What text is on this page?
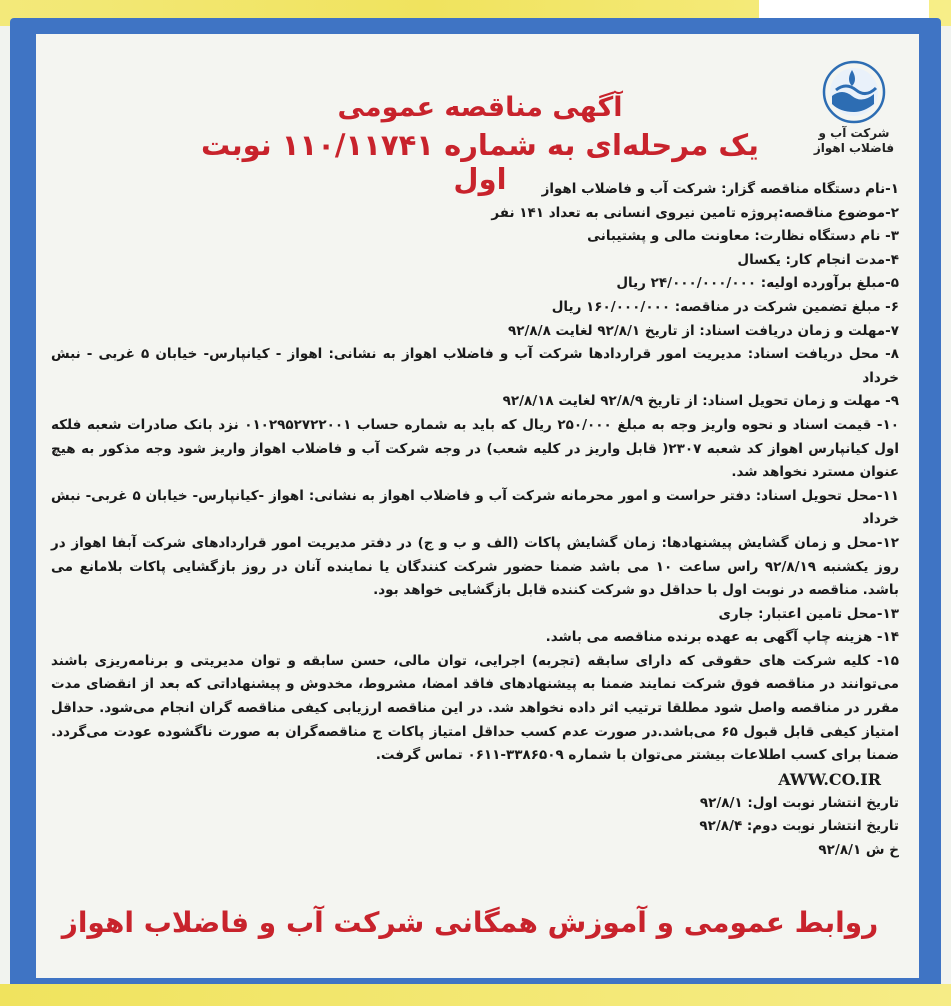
شرکت آب و فاضلاب اهواز
آگهی مناقصه عمومی
یک مرحله‌ای به شماره ۱۱۰/۱۱۷۴۱ نوبت اول	۱-نام دستگاه مناقصه گزار: شرکت آب و فاضلاب اهواز

۲-موضوع مناقصه:پروژه تامین نیروی انسانی به تعداد ۱۴۱ نفر

۳- نام دستگاه نظارت: معاونت مالی و پشتیبانی

۴-مدت انجام کار: یکسال

۵-مبلغ برآورده اولیه: ۲۴/۰۰۰/۰۰۰/۰۰۰ ریال

۶- مبلغ تضمین شرکت در مناقصه: ۱۶۰/۰۰۰/۰۰۰ ریال

۷-مهلت و زمان دریافت اسناد: از تاریخ ۹۲/۸/۱ لغایت ۹۲/۸/۸

۸- محل دریافت اسناد: مدیریت امور قراردادها شرکت آب و فاضلاب اهواز به نشانی: اهواز - کیانپارس- خیابان ۵ غربی - نبش خرداد

۹- مهلت و زمان تحویل اسناد: از تاریخ ۹۲/۸/۹ لغایت ۹۲/۸/۱۸

۱۰- قیمت اسناد و نحوه واریز وجه به مبلغ ۲۵۰/۰۰۰ ریال که باید به شماره حساب ۰۱۰۲۹۵۲۷۲۲۰۰۱ نزد بانک صادرات شعبه فلکه اول کیانپارس اهواز کد شعبه ۲۳۰۷( قابل واریز در کلیه شعب) در وجه شرکت آب و فاضلاب اهواز واریز شود وجه مذکور به هیچ عنوان مسترد نخواهد شد.

۱۱-محل تحویل اسناد: دفتر حراست و امور محرمانه شرکت آب و فاضلاب اهواز به نشانی: اهواز -کیانپارس- خیابان ۵ غربی- نبش خرداد

۱۲-محل و زمان گشایش پیشنهادها: زمان گشایش پاکات (الف و ب و ج) در دفتر مدیریت امور قراردادهای شرکت آبفا اهواز در روز یکشنبه ۹۲/۸/۱۹ راس ساعت ۱۰ می باشد ضمنا حضور شرکت کنندگان یا نماینده آنان در روز بازگشایی پاکات بلامانع می باشد. مناقصه در نوبت اول با حداقل دو شرکت کننده قابل بازگشایی خواهد بود.

۱۳-محل تامین اعتبار: جاری

۱۴- هزینه چاپ آگهی به عهده برنده مناقصه می باشد.

۱۵- کلیه شرکت های حقوقی که دارای سابقه (تجربه) اجرایی، توان مالی، حسن سابقه و توان مدیریتی و برنامه‌ریزی باشند می‌توانند در مناقصه فوق شرکت نمایند ضمنا به پیشنهادهای فاقد امضا، مشروط، مخدوش و پیشنهاداتی که بعد از انقضای مدت مقرر در مناقصه واصل شود مطلقا ترتیب اثر داده نخواهد شد. در این مناقصه ارزیابی کیفی مناقصه گران انجام می‌شود. حداقل امتیاز کیفی قابل قبول ۶۵ می‌باشد.در صورت عدم کسب حداقل امتیاز پاکات ج مناقصه‌گران به صورت ناگشوده عودت می‌گردد. ضمنا برای کسب اطلاعات بیشتر می‌توان با شماره ۳۳۸۶۵۰۹-۰۶۱۱ تماس گرفت.

AWW.CO.IR

تاریخ انتشار نوبت اول: ۹۲/۸/۱

تاریخ انتشار نوبت دوم: ۹۲/۸/۴

خ ش ۹۲/۸/۱

روابط عمومی و آموزش همگانی شرکت آب و فاضلاب اهواز
